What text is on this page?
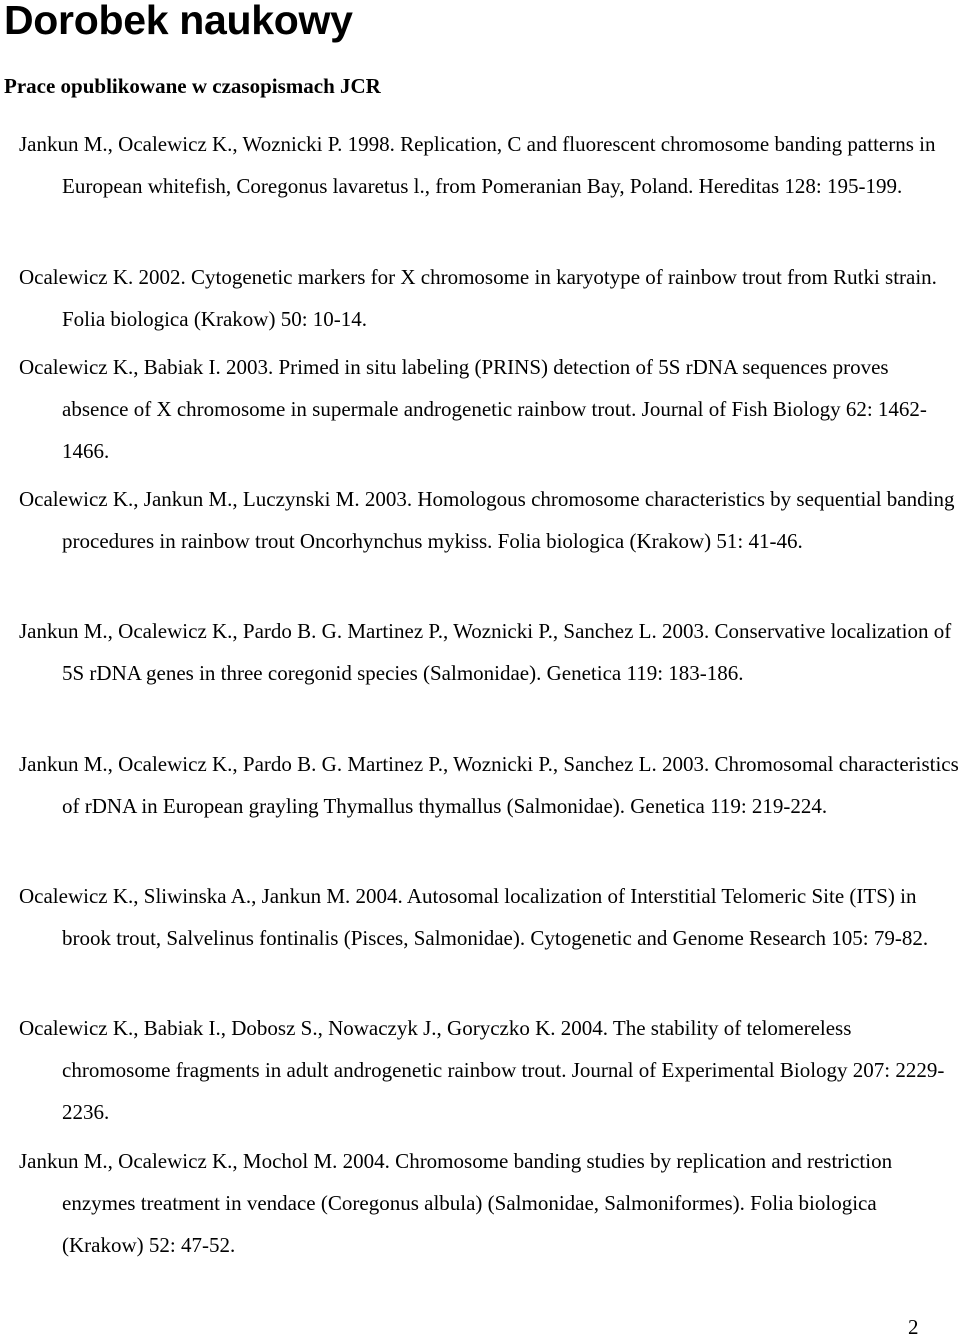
Dorobek naukowy
Prace opublikowane w czasopismach JCR
Jankun M., Ocalewicz K., Woznicki P. 1998. Replication, C and fluorescent chromosome banding patterns in European whitefish, Coregonus lavaretus l., from Pomeranian Bay, Poland. Hereditas 128: 195-199.
Ocalewicz K. 2002. Cytogenetic markers for X chromosome in karyotype of rainbow trout from Rutki strain. Folia biologica (Krakow) 50: 10-14.
Ocalewicz K., Babiak I. 2003. Primed in situ labeling (PRINS) detection of 5S rDNA sequences proves absence of X chromosome in supermale androgenetic rainbow trout. Journal of Fish Biology 62: 1462-1466.
Ocalewicz K., Jankun M., Luczynski M. 2003. Homologous chromosome characteristics by sequential banding procedures in rainbow trout Oncorhynchus mykiss. Folia biologica (Krakow) 51: 41-46.
Jankun M., Ocalewicz K., Pardo B. G. Martinez P., Woznicki P., Sanchez L. 2003. Conservative localization of 5S rDNA genes in three coregonid species (Salmonidae). Genetica 119: 183-186.
Jankun M., Ocalewicz K., Pardo B. G. Martinez P., Woznicki P., Sanchez L. 2003. Chromosomal characteristics of rDNA in European grayling Thymallus thymallus (Salmonidae). Genetica 119: 219-224.
Ocalewicz K., Sliwinska A., Jankun M. 2004. Autosomal localization of Interstitial Telomeric Site (ITS) in brook trout, Salvelinus fontinalis (Pisces, Salmonidae). Cytogenetic and Genome Research 105: 79-82.
Ocalewicz K., Babiak I., Dobosz S., Nowaczyk J., Goryczko K. 2004. The stability of telomereless chromosome fragments in adult androgenetic rainbow trout. Journal of Experimental Biology 207: 2229-2236.
Jankun M., Ocalewicz K., Mochol M. 2004. Chromosome banding studies by replication and restriction enzymes treatment in vendace (Coregonus albula) (Salmonidae, Salmoniformes). Folia biologica (Krakow) 52: 47-52.
2
